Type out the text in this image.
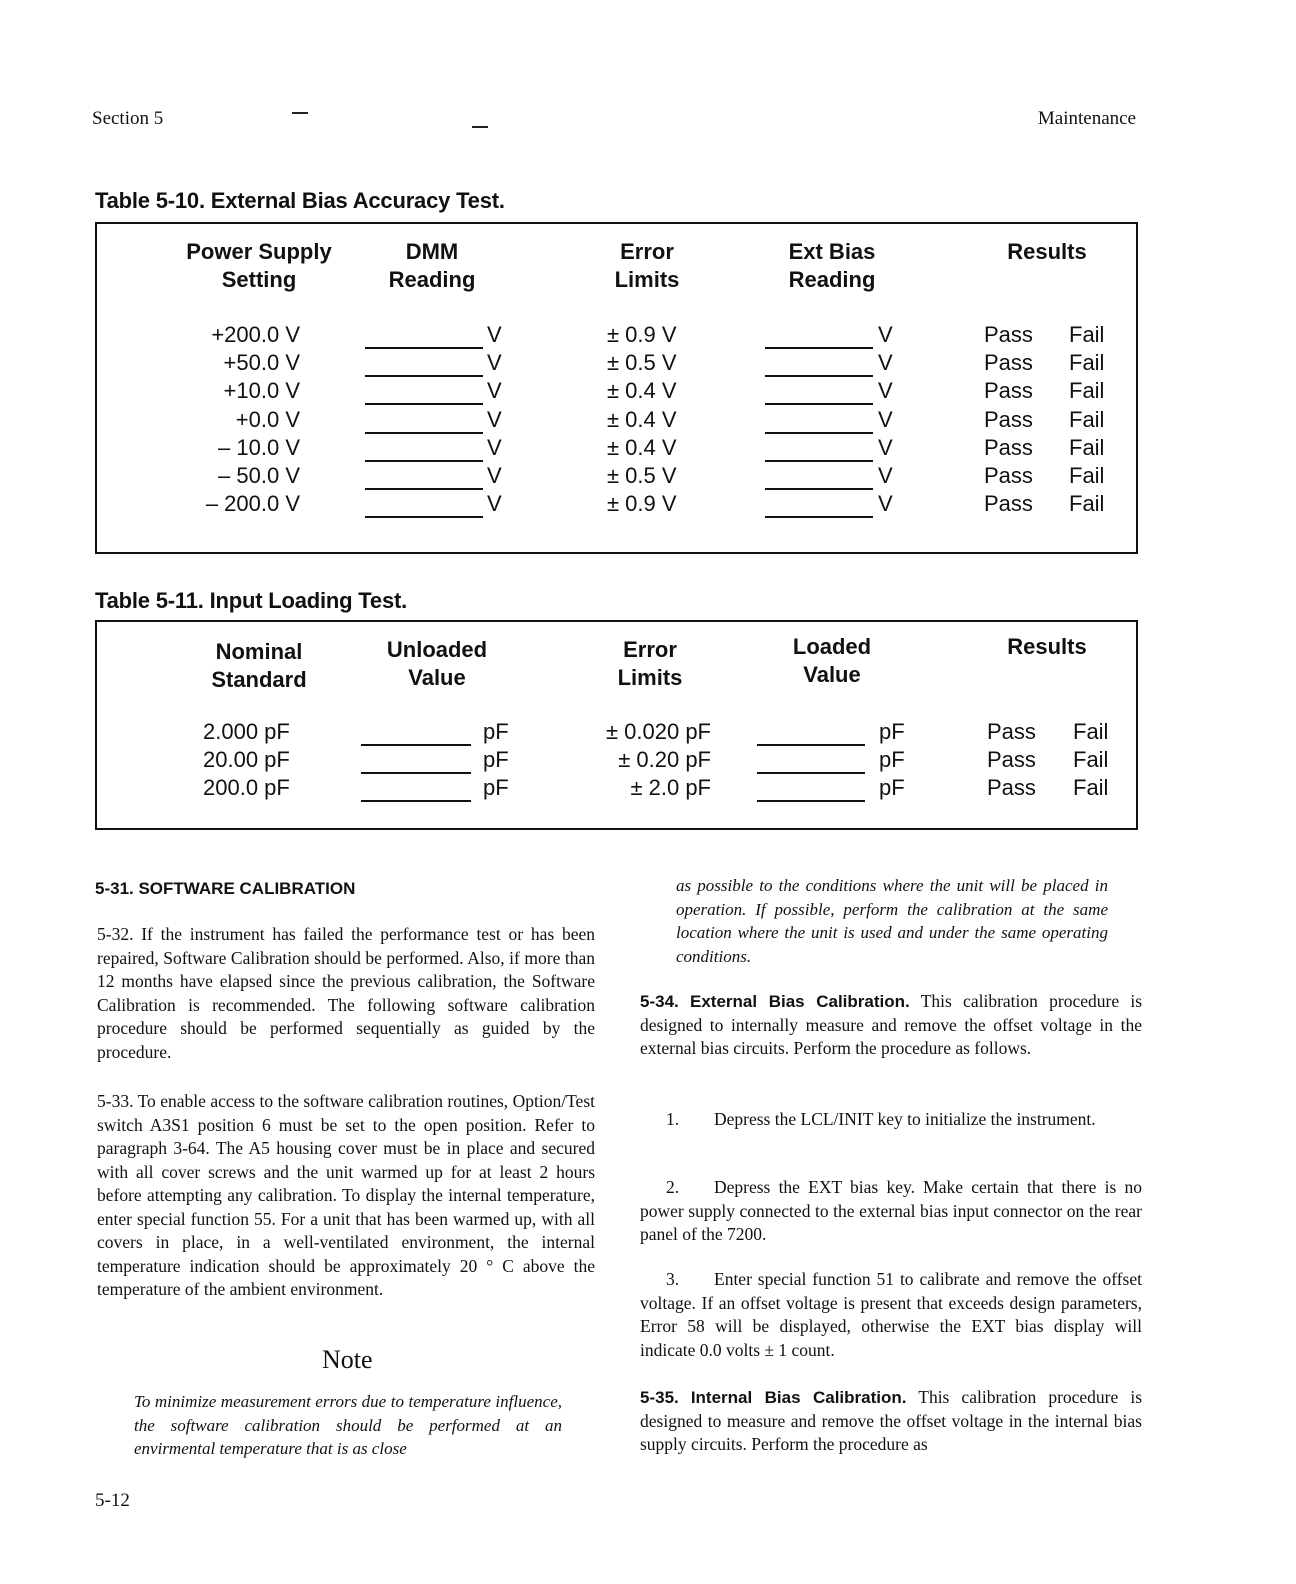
Section 5	Maintenance
Table 5-10. External Bias Accuracy Test.
Power Supply
Setting
DMM
Reading
Error
Limits
Ext Bias
Reading
Results
+200.0 V	V	± 0.9 V	V	Pass Fail
+50.0 V	V	± 0.5 V	V	Pass Fail
+10.0 V	V	± 0.4 V	V	Pass Fail
+0.0 V	V	± 0.4 V	V	Pass Fail
– 10.0 V	V	± 0.4 V	V	Pass Fail
– 50.0 V	V	± 0.5 V	V	Pass Fail
– 200.0 V	V	± 0.9 V	V	Pass Fail
Table 5-11. Input Loading Test.
Nominal
Standard
Unloaded
Value
Error
Limits
Loaded
Value
Results
2.000 pF	pF	± 0.020 pF	pF	Pass Fail
20.00 pF	pF	± 0.20 pF	pF	Pass Fail
200.0 pF	pF	± 2.0 pF	pF	Pass Fail
5-31. SOFTWARE CALIBRATION
5-32. If the instrument has failed the performance test or has been repaired, Software Calibration should be performed. Also, if more than 12 months have elapsed since the previous calibration, the Software Calibration is recommended. The following software calibration procedure should be performed sequentially as guided by the procedure.
5-33. To enable access to the software calibration routines, Option/Test switch A3S1 position 6 must be set to the open position. Refer to paragraph 3-64. The A5 housing cover must be in place and secured with all cover screws and the unit warmed up for at least 2 hours before attempting any calibration. To display the internal temperature, enter special function 55. For a unit that has been warmed up, with all covers in place, in a well-ventilated environment, the internal temperature indication should be approximately 20 ° C above the temperature of the ambient environment.
Note
To minimize measurement errors due to temperature influence, the software calibration should be performed at an envirmental temperature that is as close
as possible to the conditions where the unit will be placed in operation. If possible, perform the calibration at the same location where the unit is used and under the same operating conditions.
5-34. External Bias Calibration. This calibration procedure is designed to internally measure and remove the offset voltage in the external bias circuits. Perform the procedure as follows.
1. Depress the LCL/INIT key to initialize the instrument.
2. Depress the EXT bias key. Make certain that there is no power supply connected to the external bias input connector on the rear panel of the 7200.
3. Enter special function 51 to calibrate and remove the offset voltage. If an offset voltage is present that exceeds design parameters, Error 58 will be displayed, otherwise the EXT bias display will indicate 0.0 volts ± 1 count.
5-35. Internal Bias Calibration. This calibration procedure is designed to measure and remove the offset voltage in the internal bias supply circuits. Perform the procedure as
5-12
